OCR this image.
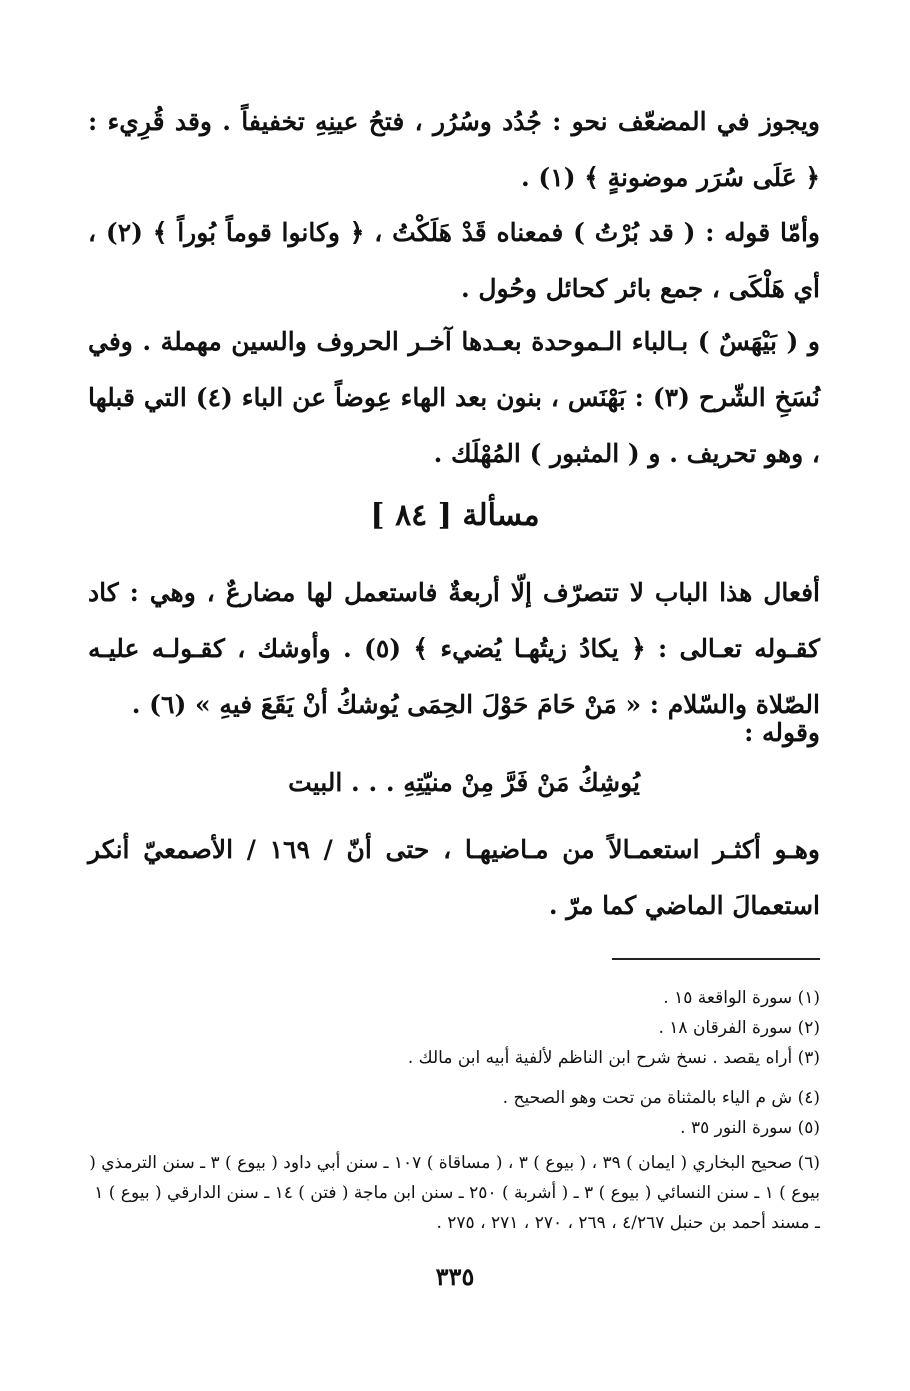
ويجوز في المضعّف نحو : جُدُد وسُرُر ، فتحُ عينِهِ تخفيفاً . وقد قُرِيء : ﴿ عَلَى سُرَر موضونةٍ ﴾ (١) .
وأمّا قوله : ( قد بُرْتُ ) فمعناه قَدْ هَلَكْتُ ، ﴿ وكانوا قوماً بُوراً ﴾ (٢) ، أي هَلْكَى ، جمع بائر كحائل وحُول .
و ( بَيْهَسٌ ) بـالباء الـموحدة بعـدها آخـر الحروف والسين مهملة . وفي نُسَخِ الشّرح (٣) : بَهْنَس ، بنون بعد الهاء عِوضاً عن الباء (٤) التي قبلها ، وهو تحريف . و ( المثبور ) المُهْلَك .
مسألة [ ٨٤ ]
أفعال هذا الباب لا تتصرّف إلّا أربعةٌ فاستعمل لها مضارعٌ ، وهي : كاد كقـوله تعـالى : ﴿ يكادُ زيتُهـا يُضيء ﴾ (٥) . وأوشك ، كقـولـه عليـه الصّلاة والسّلام : « مَنْ حَامَ حَوْلَ الحِمَى يُوشكُ أنْ يَقَعَ فيهِ » (٦) .
وقوله :
يُوشِكُ مَنْ فَرَّ مِنْ منيّتِهِ . . . البيت
وهـو أكثـر استعمـالاً من مـاضيهـا ، حتى أنّ / ١٦٩ / الأصمعيّ أنكر استعمالَ الماضي كما مرّ .
(١) سورة الواقعة ١٥ .
(٢) سورة الفرقان ١٨ .
(٣) أراه يقصد . نسخ شرح ابن الناظم لألفية أبيه ابن مالك .
(٤) ش م الياء بالمثناة من تحت وهو الصحيح .
(٥) سورة النور ٣٥ .
(٦) صحيح البخاري ( ايمان ) ٣٩ ، ( بيوع ) ٣ ، ( مساقاة ) ١٠٧ ـ سنن أبي داود ( بيوع ) ٣ ـ سنن الترمذي ( بيوع ) ١ ـ سنن النسائي ( بيوع ) ٣ ـ ( أشربة ) ٢٥٠ ـ سنن ابن ماجة ( فتن ) ١٤ ـ سنن الدارقي ( بيوع ) ١ ـ مسند أحمد بن حنبل ٤/٢٦٧ ، ٢٦٩ ، ٢٧٠ ، ٢٧١ ، ٢٧٥ .
٣٣٥
